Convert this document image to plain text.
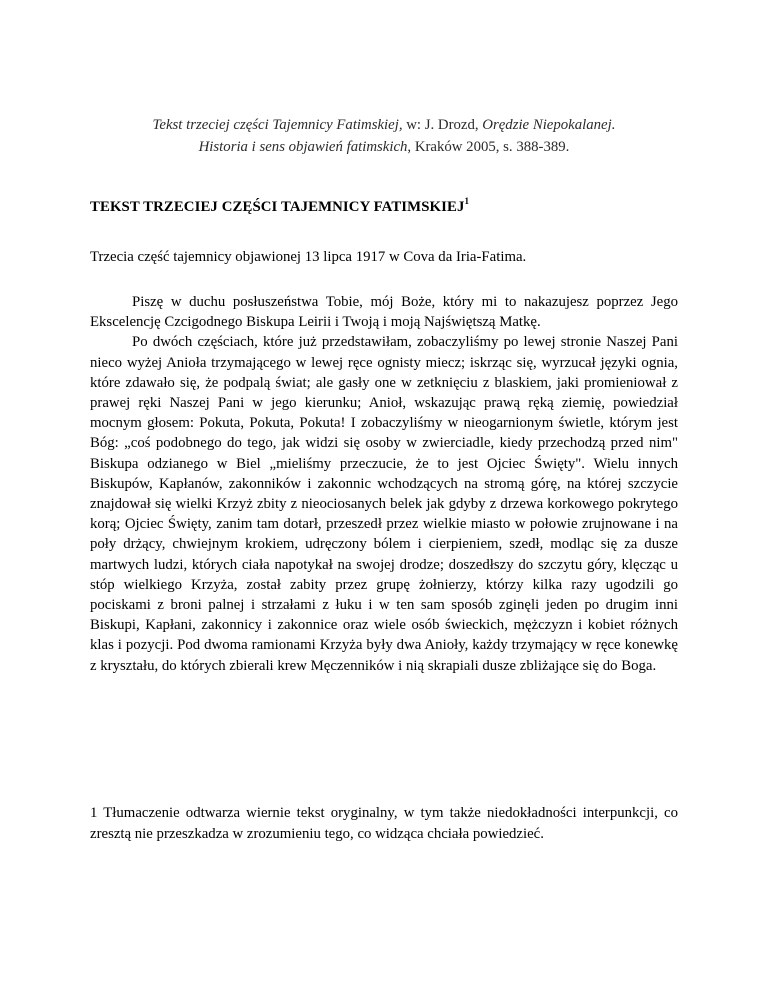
Tekst trzeciej części Tajemnicy Fatimskiej, w: J. Drozd, Orędzie Niepokalanej.
Historia i sens objawień fatimskich, Kraków 2005, s. 388-389.
TEKST TRZECIEJ CZĘŚCI TAJEMNICY FATIMSKIEJ$^1$
Trzecia część tajemnicy objawionej 13 lipca 1917 w Cova da Iria-Fatima.

Piszę w duchu posłuszeństwa Tobie, mój Boże, który mi to nakazujesz poprzez Jego Ekscelencję Czcigodnego Biskupa Leirii i Twoją i moją Najświętszą Matkę.

Po dwóch częściach, które już przedstawiłam, zobaczyliśmy po lewej stronie Naszej Pani nieco wyżej Anioła trzymającego w lewej ręce ognisty miecz; iskrząc się, wyrzucał języki ognia, które zdawało się, że podpalą świat; ale gasły one w zetknięciu z blaskiem, jaki promieniował z prawej ręki Naszej Pani w jego kierunku; Anioł, wskazując prawą ręką ziemię, powiedział mocnym głosem: Pokuta, Pokuta, Pokuta! I zobaczyliśmy w nieogarnionym świetle, którym jest Bóg: „coś podobnego do tego, jak widzi się osoby w zwierciadle, kiedy przechodzą przed nim" Biskupa odzianego w Biel „mieliśmy przeczucie, że to jest Ojciec Święty". Wielu innych Biskupów, Kapłanów, zakonników i zakonnic wchodzących na stromą górę, na której szczycie znajdował się wielki Krzyż zbity z nieociosanych belek jak gdyby z drzewa korkowego pokrytego korą; Ojciec Święty, zanim tam dotarł, przeszedł przez wielkie miasto w połowie zrujnowane i na poły drżący, chwiejnym krokiem, udręczony bólem i cierpieniem, szedł, modląc się za dusze martwych ludzi, których ciała napotykał na swojej drodze; doszedłszy do szczytu góry, klęcząc u stóp wielkiego Krzyża, został zabity przez grupę żołnierzy, którzy kilka razy ugodzili go pociskami z broni palnej i strzałami z łuku i w ten sam sposób zginęli jeden po drugim inni Biskupi, Kapłani, zakonnicy i zakonnice oraz wiele osób świeckich, mężczyzn i kobiet różnych klas i pozycji. Pod dwoma ramionami Krzyża były dwa Anioły, każdy trzymający w ręce konewkę z kryształu, do których zbierali krew Męczenników i nią skrapiali dusze zbliżające się do Boga.

1 Tłumaczenie odtwarza wiernie tekst oryginalny, w tym także niedokładności interpunkcji, co zresztą nie przeszkadza w zrozumieniu tego, co widząca chciała powiedzieć.
